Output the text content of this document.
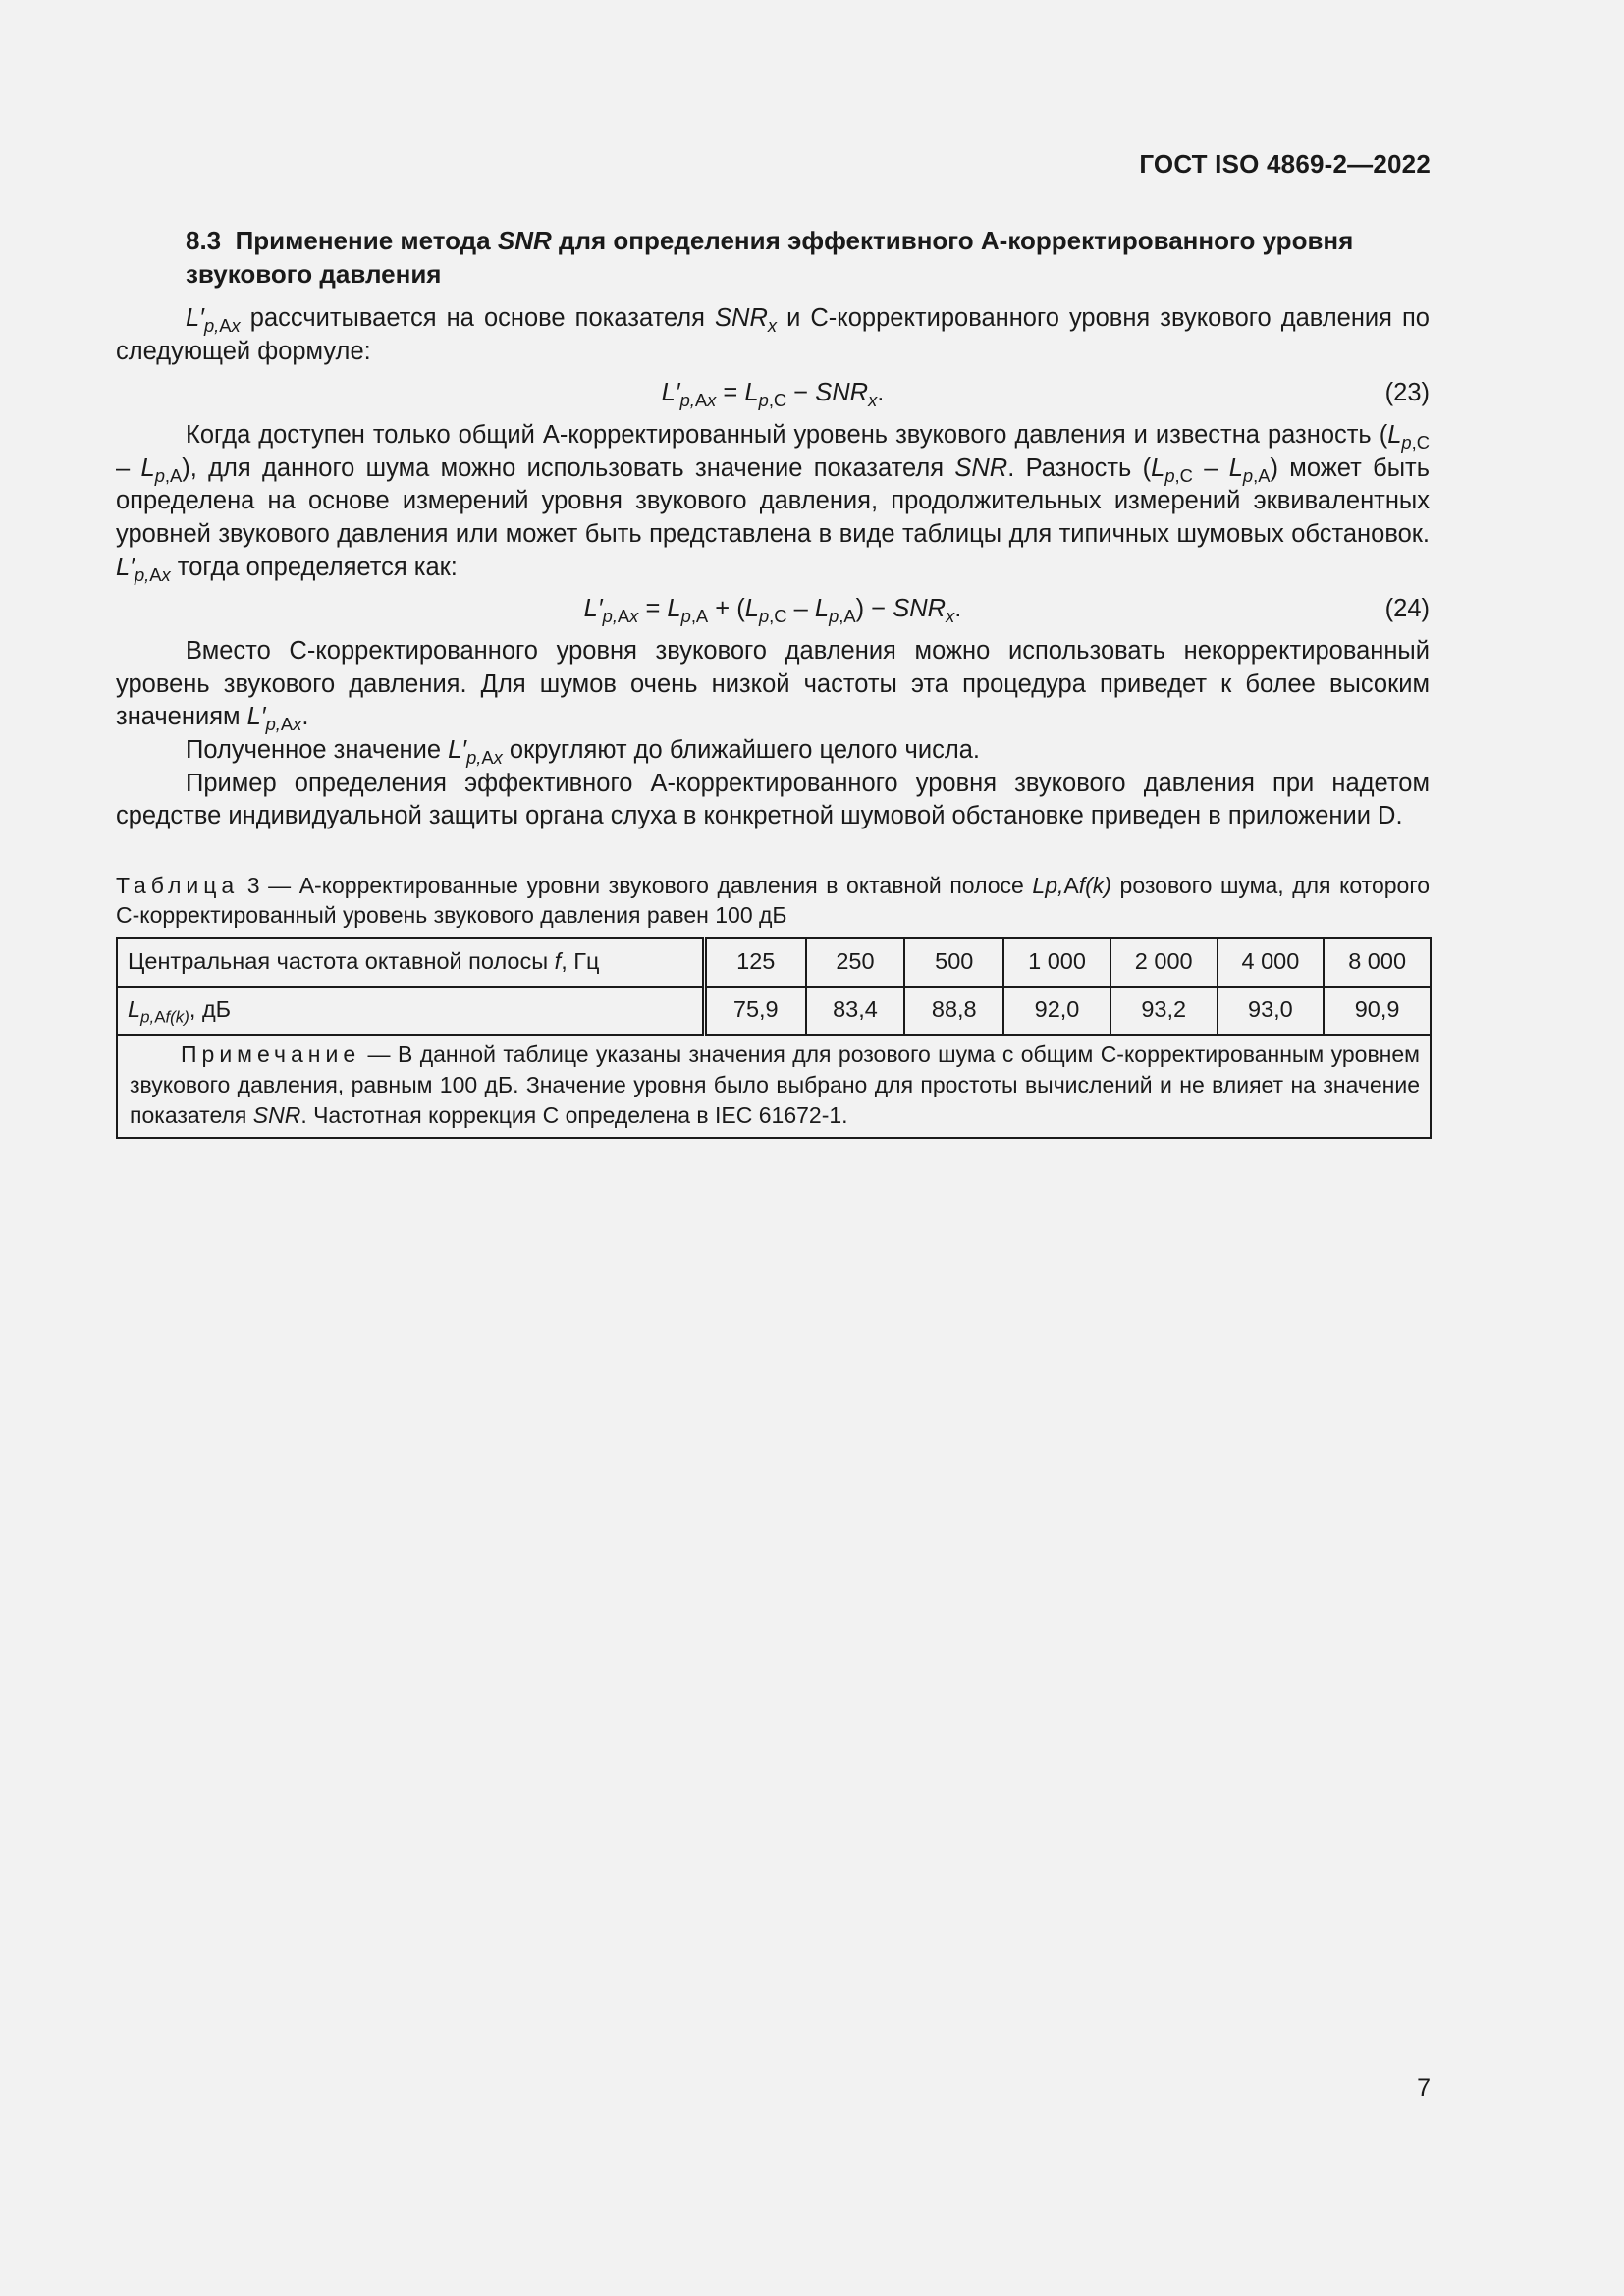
ГОСТ ISO 4869-2—2022
8.3 Применение метода SNR для определения эффективного А-корректированного уровня звукового давления

$L'_{p,Ax}$ рассчитывается на основе показателя $SNR_x$ и С-корректированного уровня звукового давления по следующей формуле:

$L'_{p,Ax} = L_{p,C} - SNR_x$.	(23)

Когда доступен только общий А-корректированный уровень звукового давления и известна разность $(L_{p,C} - L_{p,A})$, для данного шума можно использовать значение показателя SNR. Разность $(L_{p,C} - L_{p,A})$ может быть определена на основе измерений уровня звукового давления, продолжительных измерений эквивалентных уровней звукового давления или может быть представлена в виде таблицы для типичных шумовых обстановок. $L'_{p,Ax}$ тогда определяется как:

$L'_{p,Ax} = L_{p,A} + (L_{p,C} - L_{p,A}) - SNR_x$.	(24)

Вместо С-корректированного уровня звукового давления можно использовать некорректированный уровень звукового давления. Для шумов очень низкой частоты эта процедура приведет к более высоким значениям $L'_{p,Ax}$.

Полученное значение $L'_{p,Ax}$ округляют до ближайшего целого числа.

Пример определения эффективного А-корректированного уровня звукового давления при надетом средстве индивидуальной защиты органа слуха в конкретной шумовой обстановке приведен в приложении D.

Таблица 3 — А-корректированные уровни звукового давления в октавной полосе Lp,Af(k) розового шума, для которого С-корректированный уровень звукового давления равен 100 дБ
Центральная частота октавной полосы f, Гц	125	250	500	1 000	2 000	4 000	8 000
$L_{p,Af(k)}$, дБ	75,9	83,4	88,8	92,0	93,2	93,0	90,9
Примечание — В данной таблице указаны значения для розового шума с общим С-корректированным уровнем звукового давления, равным 100 дБ. Значение уровня было выбрано для простоты вычислений и не влияет на значение показателя SNR. Частотная коррекция С определена в IEC 61672-1.							
7
